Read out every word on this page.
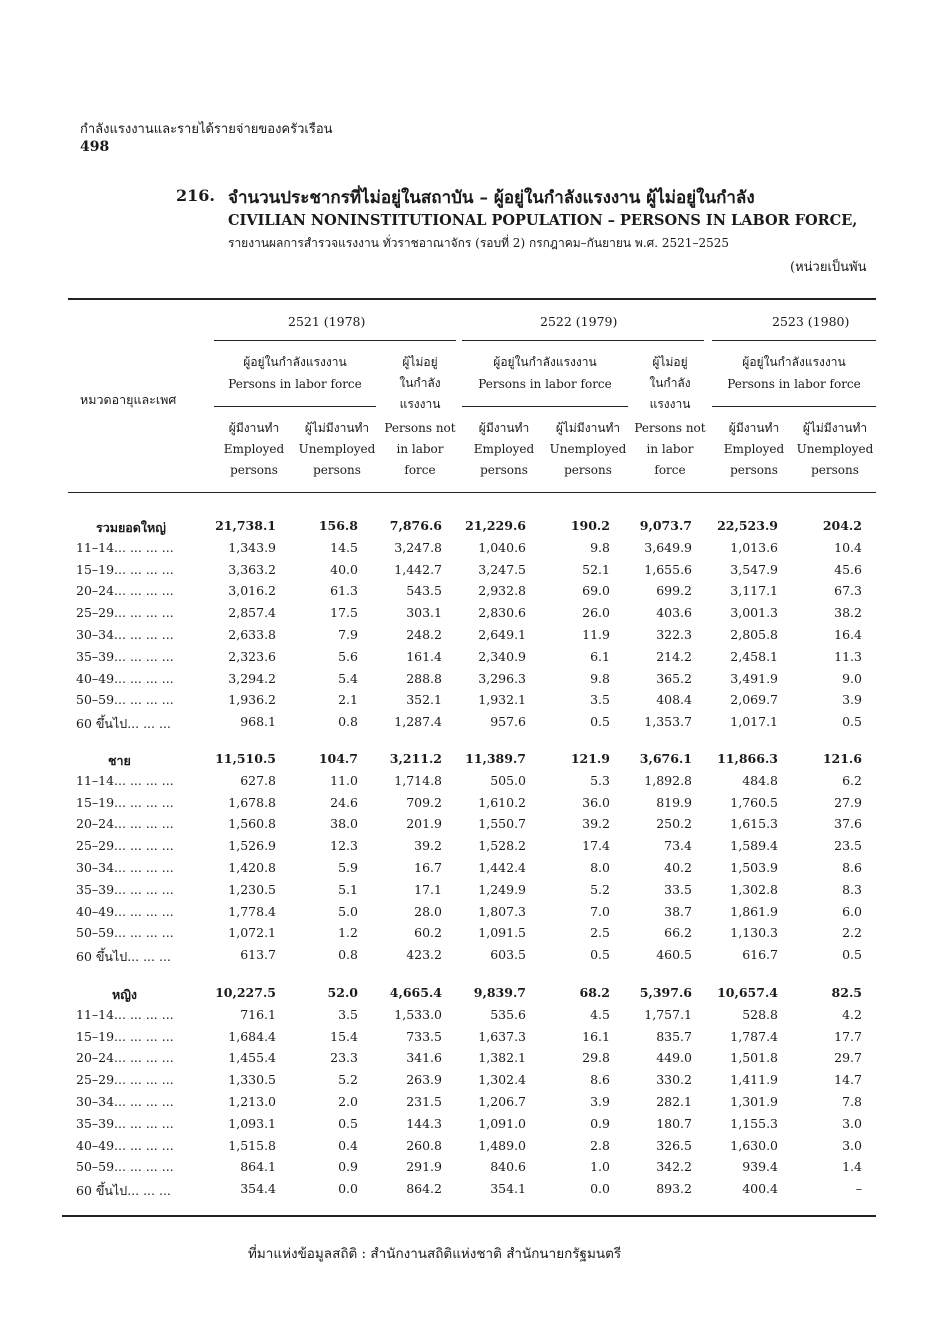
กำลังแรงงานและรายได้รายจ่ายของครัวเรือน
498
216. จำนวนประชากรที่ไม่อยู่ในสถาบัน – ผู้อยู่ในกำลังแรงงาน ผู้ไม่อยู่ในกำลัง
CIVILIAN NONINSTITUTIONAL POPULATION – PERSONS IN LABOR FORCE,
รายงานผลการสำรวจแรงงาน ทั่วราชอาณาจักร (รอบที่ 2) กรกฎาคม–กันยายน พ.ศ. 2521–2525
(หน่วยเป็นพัน
หมวดอายุและเพศ
2521 (1978)	2522 (1979)	2523 (1980)
ผู้อยู่ในกำลังแรงงาน
Persons in labor force
ผู้อยู่ในกำลังแรงงาน
Persons in labor force
ผู้อยู่ในกำลังแรงงาน
Persons in labor force
ผู้ไม่อยู่
ในกำลัง
แรงงาน
Persons not
in labor
force
ผู้ไม่อยู่
ในกำลัง
แรงงาน
Persons not
in labor
force
ผู้มีงานทำ
Employed
persons
ผู้ไม่มีงานทำ
Unemployed
persons
ผู้มีงานทำ
Employed
persons
ผู้ไม่มีงานทำ
Unemployed
persons
ผู้มีงานทำ
Employed
persons
ผู้ไม่มีงานทำ
Unemployed
persons
รวมยอดใหญ่	21,738.1	156.8	7,876.6	21,229.6	190.2	9,073.7	22,523.9	204.2
11–14... ... ... ...	1,343.9	14.5	3,247.8	1,040.6	9.8	3,649.9	1,013.6	10.4
15–19... ... ... ...	3,363.2	40.0	1,442.7	3,247.5	52.1	1,655.6	3,547.9	45.6
20–24... ... ... ...	3,016.2	61.3	543.5	2,932.8	69.0	699.2	3,117.1	67.3
25–29... ... ... ...	2,857.4	17.5	303.1	2,830.6	26.0	403.6	3,001.3	38.2
30–34... ... ... ...	2,633.8	7.9	248.2	2,649.1	11.9	322.3	2,805.8	16.4
35–39... ... ... ...	2,323.6	5.6	161.4	2,340.9	6.1	214.2	2,458.1	11.3
40–49... ... ... ...	3,294.2	5.4	288.8	3,296.3	9.8	365.2	3,491.9	9.0
50–59... ... ... ...	1,936.2	2.1	352.1	1,932.1	3.5	408.4	2,069.7	3.9
60 ขึ้นไป... ... ...	968.1	0.8	1,287.4	957.6	0.5	1,353.7	1,017.1	0.5
ชาย	11,510.5	104.7	3,211.2	11,389.7	121.9	3,676.1	11,866.3	121.6
11–14... ... ... ...	627.8	11.0	1,714.8	505.0	5.3	1,892.8	484.8	6.2
15–19... ... ... ...	1,678.8	24.6	709.2	1,610.2	36.0	819.9	1,760.5	27.9
20–24... ... ... ...	1,560.8	38.0	201.9	1,550.7	39.2	250.2	1,615.3	37.6
25–29... ... ... ...	1,526.9	12.3	39.2	1,528.2	17.4	73.4	1,589.4	23.5
30–34... ... ... ...	1,420.8	5.9	16.7	1,442.4	8.0	40.2	1,503.9	8.6
35–39... ... ... ...	1,230.5	5.1	17.1	1,249.9	5.2	33.5	1,302.8	8.3
40–49... ... ... ...	1,778.4	5.0	28.0	1,807.3	7.0	38.7	1,861.9	6.0
50–59... ... ... ...	1,072.1	1.2	60.2	1,091.5	2.5	66.2	1,130.3	2.2
60 ขึ้นไป... ... ...	613.7	0.8	423.2	603.5	0.5	460.5	616.7	0.5
หญิง	10,227.5	52.0	4,665.4	9,839.7	68.2	5,397.6	10,657.4	82.5
11–14... ... ... ...	716.1	3.5	1,533.0	535.6	4.5	1,757.1	528.8	4.2
15–19... ... ... ...	1,684.4	15.4	733.5	1,637.3	16.1	835.7	1,787.4	17.7
20–24... ... ... ...	1,455.4	23.3	341.6	1,382.1	29.8	449.0	1,501.8	29.7
25–29... ... ... ...	1,330.5	5.2	263.9	1,302.4	8.6	330.2	1,411.9	14.7
30–34... ... ... ...	1,213.0	2.0	231.5	1,206.7	3.9	282.1	1,301.9	7.8
35–39... ... ... ...	1,093.1	0.5	144.3	1,091.0	0.9	180.7	1,155.3	3.0
40–49... ... ... ...	1,515.8	0.4	260.8	1,489.0	2.8	326.5	1,630.0	3.0
50–59... ... ... ...	864.1	0.9	291.9	840.6	1.0	342.2	939.4	1.4
60 ขึ้นไป... ... ...	354.4	0.0	864.2	354.1	0.0	893.2	400.4	–
ที่มาแห่งข้อมูลสถิติ : สำนักงานสถิติแห่งชาติ สำนักนายกรัฐมนตรี
